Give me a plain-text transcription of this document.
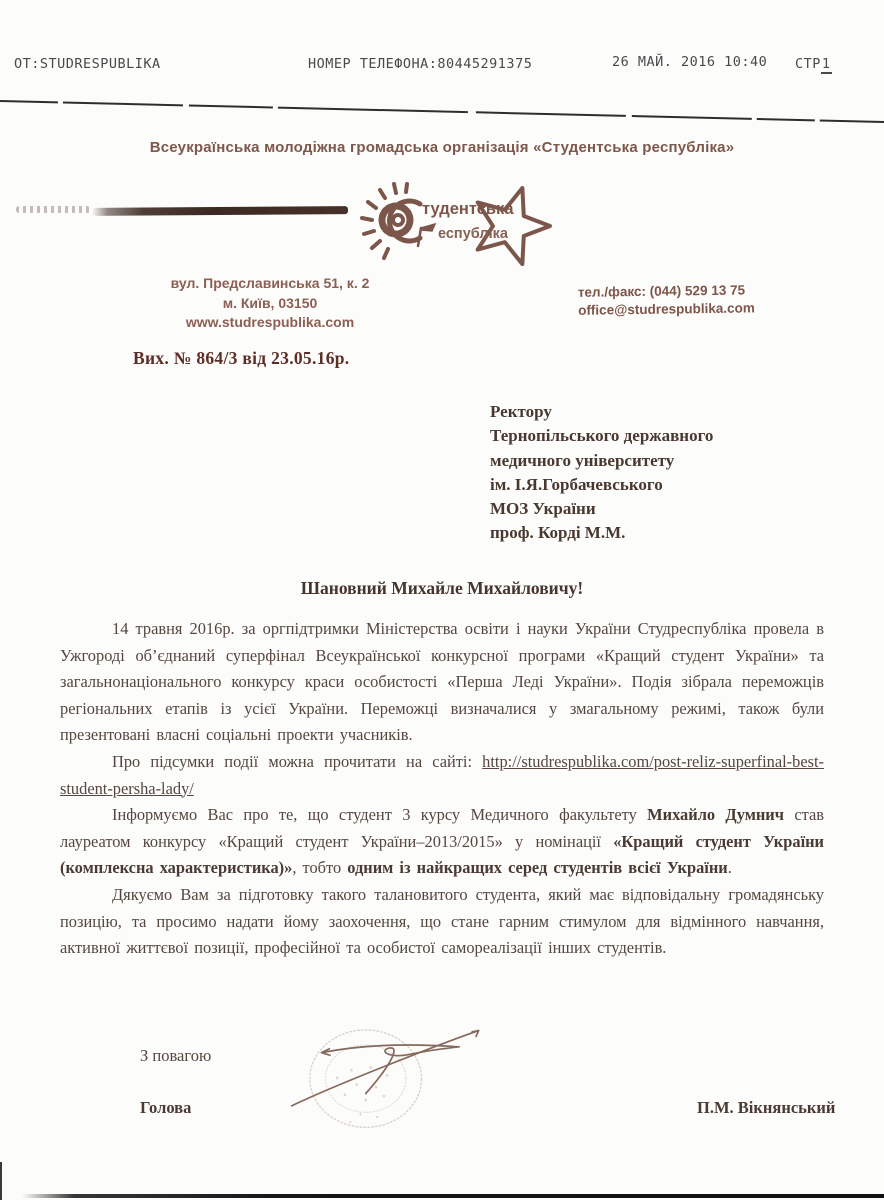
ОТ:STUDRESPUBLIKA	НОМЕР ТЕЛЕФОНА:80445291375	26 МАЙ. 2016 10:40 СТР1
Всеукраїнська молодіжна громадська організація «Студентська республіка»
тудентська
еспубліка
вул. Предславинська 51, к. 2
м. Київ, 03150
www.studrespublika.com
тел./факс: (044) 529 13 75
office@studrespublika.com
Вих. № 864/3 від 23.05.16р.
Ректору
Тернопільського державного
медичного університету
ім. І.Я.Горбачевського
МОЗ України
проф. Корді М.М.
Шановний Михайле Михайловичу!

14 травня 2016р. за оргпідтримки Міністерства освіти і науки України Студреспубліка провела в Ужгороді об’єднаний суперфінал Всеукраїнської конкурсної програми «Кращий студент України» та загальнонаціонального конкурсу краси особистості «Перша Леді України». Подія зібрала переможців регіональних етапів із усієї України. Переможці визначалися у змагальному режимі, також були презентовані власні соціальні проекти учасників.

Про підсумки події можна прочитати на сайті: http://studrespublika.com/post-reliz-superfinal-best-student-persha-lady/

Інформуємо Вас про те, що студент 3 курсу Медичного факультету Михайло Думнич став лауреатом конкурсу «Кращий студент України–2013/2015» у номінації «Кращий студент України (комплексна характеристика)», тобто одним із найкращих серед студентів всієї України.

Дякуємо Вам за підготовку такого талановитого студента, який має відповідальну громадянську позицію, та просимо надати йому заохочення, що стане гарним стимулом для відмінного навчання, активної життєвої позиції, професійної та особистої самореалізації інших студентів.

З повагою
Голова	П.М. Вікнянський
